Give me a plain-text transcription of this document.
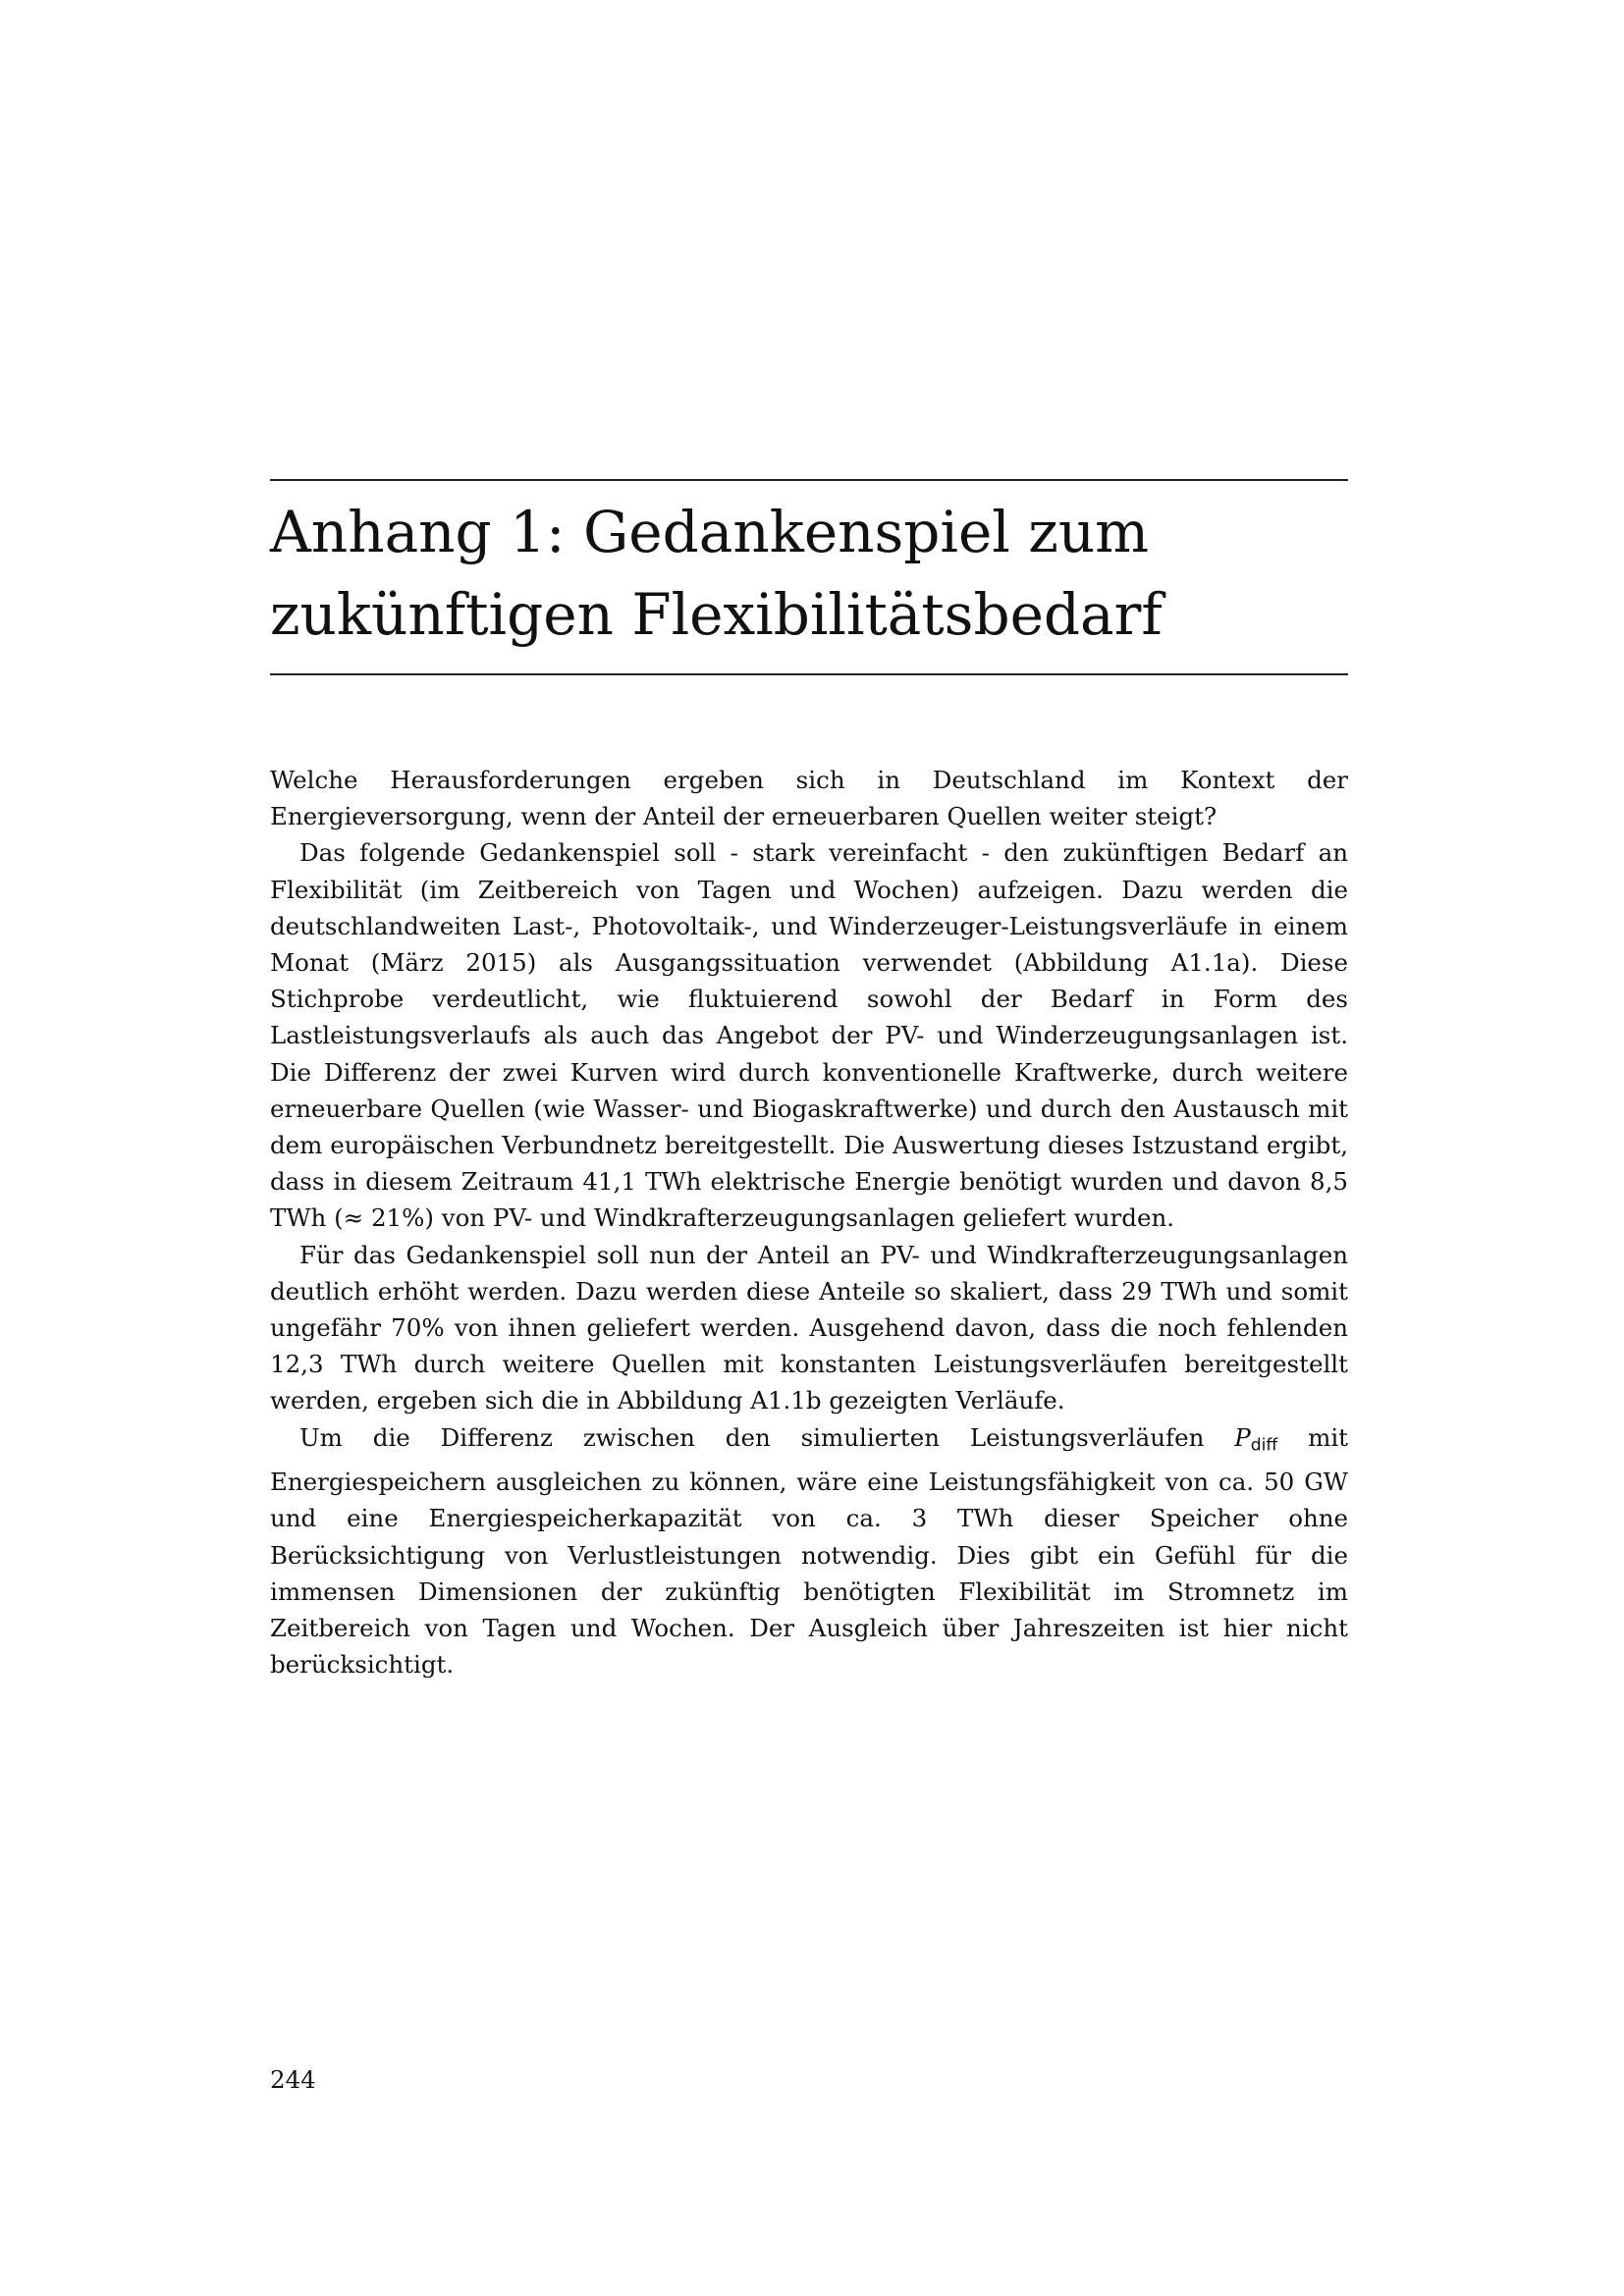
Anhang 1: Gedankenspiel zum
zukünftigen Flexibilitätsbedarf

Welche Herausforderungen ergeben sich in Deutschland im Kontext der Energieversorgung, wenn der Anteil der erneuerbaren Quellen weiter steigt?

Das folgende Gedankenspiel soll - stark vereinfacht - den zukünftigen Bedarf an Flexibilität (im Zeitbereich von Tagen und Wochen) aufzeigen. Dazu werden die deutschlandweiten Last-, Photovoltaik-, und Winderzeuger-Leistungsverläufe in einem Monat (März 2015) als Ausgangssituation verwendet (Abbildung A1.1a). Diese Stichprobe verdeutlicht, wie fluktuierend sowohl der Bedarf in Form des Lastleistungsverlaufs als auch das Angebot der PV- und Winderzeugungsanlagen ist. Die Differenz der zwei Kurven wird durch konventionelle Kraftwerke, durch weitere erneuerbare Quellen (wie Wasser- und Biogaskraftwerke) und durch den Austausch mit dem europäischen Verbundnetz bereitgestellt. Die Auswertung dieses Istzustand ergibt, dass in diesem Zeitraum 41,1 TWh elektrische Energie benötigt wurden und davon 8,5 TWh (≈ 21%) von PV- und Windkrafterzeugungsanlagen geliefert wurden.

Für das Gedankenspiel soll nun der Anteil an PV- und Windkrafterzeugungsanlagen deutlich erhöht werden. Dazu werden diese Anteile so skaliert, dass 29 TWh und somit ungefähr 70% von ihnen geliefert werden. Ausgehend davon, dass die noch fehlenden 12,3 TWh durch weitere Quellen mit konstanten Leistungsverläufen bereitgestellt werden, ergeben sich die in Abbildung A1.1b gezeigten Verläufe.

Um die Differenz zwischen den simulierten Leistungsverläufen $P_{diff}$ mit Energiespeichern ausgleichen zu können, wäre eine Leistungsfähigkeit von ca. 50 GW und eine Energiespeicherkapazität von ca. 3 TWh dieser Speicher ohne Berücksichtigung von Verlustleistungen notwendig. Dies gibt ein Gefühl für die immensen Dimensionen der zukünftig benötigten Flexibilität im Stromnetz im Zeitbereich von Tagen und Wochen. Der Ausgleich über Jahreszeiten ist hier nicht berücksichtigt.

244
